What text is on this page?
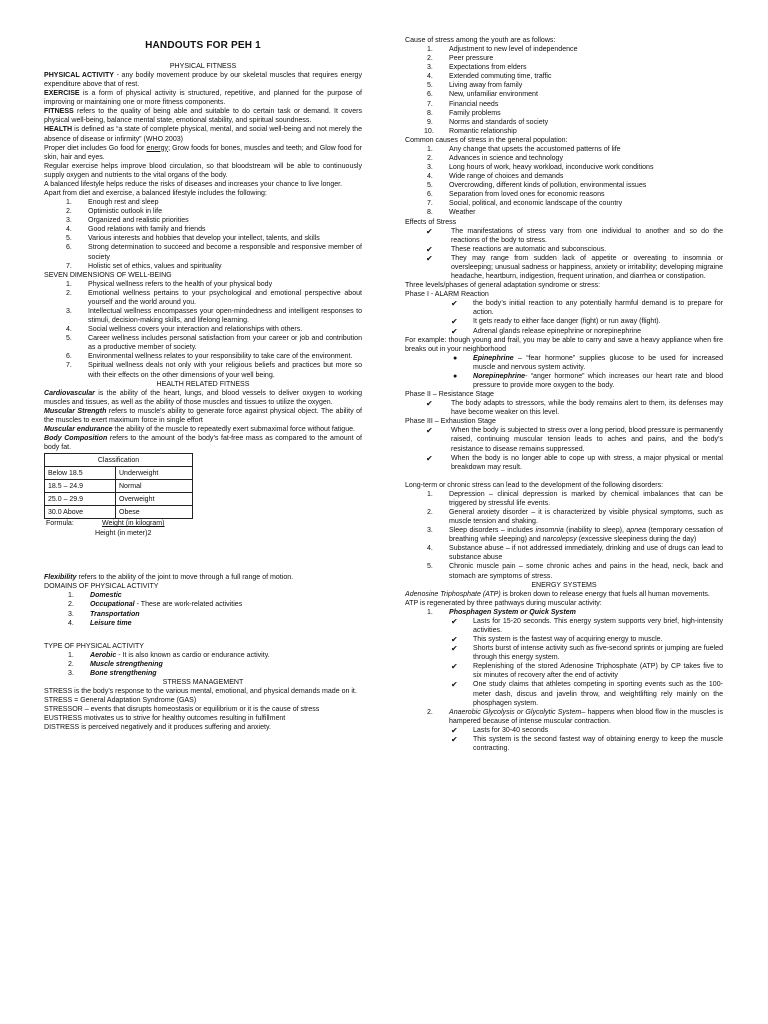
HANDOUTS FOR PEH 1
PHYSICAL FITNESS

PHYSICAL ACTIVITY - any bodily movement produce by our skeletal muscles that requires energy expenditure above that of rest.

EXERCISE is a form of physical activity is structured, repetitive, and planned for the purpose of improving or maintaining one or more fitness components.

FITNESS refers to the quality of being able and suitable to do certain task or demand. It covers physical well-being, balance mental state, emotional stability, and spiritual soundness.

HEALTH is defined as “a state of complete physical, mental, and social well-being and not merely the absence of disease or infirmity” (WHO 2003)

Proper diet includes Go food for energy; Grow foods for bones, muscles and teeth; and Glow food for skin, hair and eyes.

Regular exercise helps improve blood circulation, so that bloodstream will be able to continuously supply oxygen and nutrients to the vital organs of the body.

A balanced lifestyle helps reduce the risks of diseases and increases your chance to live longer.

Apart from diet and exercise, a balanced lifestyle includes the following:

1. Enough rest and sleep
2. Optimistic outlook in life
3. Organized and realistic priorities
4. Good relations with family and friends
5. Various interests and hobbies that develop your intellect, talents, and skills
6. Strong determination to succeed and become a responsible and responsive member of society
7. Holistic set of ethics, values and spirituality
SEVEN DIMENSIONS OF WELL-BEING
1. Physical wellness refers to the health of your physical body
2. Emotional wellness pertains to your psychological and emotional perspective about yourself and the world around you.
3. Intellectual wellness encompasses your open-mindedness and intelligent responses to stimuli, decision-making skills, and lifelong learning.
4. Social wellness covers your interaction and relationships with others.
5. Career wellness includes personal satisfaction from your career or job and contribution as a productive member of society.
6. Environmental wellness relates to your responsibility to take care of the environment.
7. Spiritual wellness deals not only with your religious beliefs and practices but more so with their effects on the other dimensions of your well being.
HEALTH RELATED FITNESS

Cardiovascular is the ability of the heart, lungs, and blood vessels to deliver oxygen to working muscles and tissues, as well as the ability of those muscles and tissues to utilize the oxygen.

Muscular Strength refers to muscle’s ability to generate force against physical object. The ability of the muscles to exert maximum force in single effort

Muscular endurance the ability of the muscle to repeatedly exert submaximal force without fatigue.

Body Composition refers to the amount of the body’s fat-free mass as compared to the amount of body fat.

Classification	
Below 18.5	Underweight
18.5 – 24.9	Normal
25.0 – 29.9	Overweight
30.0 Above	Obese
Formula:	Weight (in kilogram)
Height (in meter)2

Flexibility refers to the ability of the joint to move through a full range of motion.

DOMAINS OF PHYSICAL ACTIVITY
1. Domestic
2. Occupational - These are work-related activities
3. Transportation
4. Leisure time
TYPE OF PHYSICAL ACTIVITY
1. Aerobic - It is also known as cardio or endurance activity.
2. Muscle strengthening
3. Bone strengthening
STRESS MANAGEMENT

STRESS is the body’s response to the various mental, emotional, and physical demands made on it.

STRESS = General Adaptation Syndrome (GAS)

STRESSOR – events that disrupts homeostasis or equilibrium or it is the cause of stress

EUSTRESS motivates us to strive for healthy outcomes resulting in fulfillment

DISTRESS is perceived negatively and it produces suffering and anxiety.

Cause of stress among the youth are as follows:
1. Adjustment to new level of independence
2. Peer pressure
3. Expectations from elders
4. Extended commuting time, traffic
5. Living away from family
6. New, unfamiliar environment
7. Financial needs
8. Family problems
9. Norms and standards of society
10. Romantic relationship
Common causes of stress in the general population:
1. Any change that upsets the accustomed patterns of life
2. Advances in science and technology
3. Long hours of work, heavy workload, inconducive work conditions
4. Wide range of choices and demands
5. Overcrowding, different kinds of pollution, environmental issues
6. Separation from loved ones for economic reasons
7. Social, political, and economic landscape of the country
8. Weather
Effects of Stress
✔	The manifestations of stress vary from one individual to another and so do the reactions of the body to stress.
✔	These reactions are automatic and subconscious.
✔	They may range from sudden lack of appetite or overeating to insomnia or oversleeping; unusual sadness or happiness, anxiety or irritability; developing migraine headache, heartburn, indigestion, frequent urination, and diarrhea or constipation.
Three levels/phases of general adaptation syndrome or stress:
Phase I - ALARM Reaction
✔ the body’s initial reaction to any potentially harmful demand is to prepare for action.
✔ It gets ready to either face danger (fight) or run away (flight).
✔ Adrenal glands release epinephrine or norepinephrine

For example: though young and frail, you may be able to carry and save a heavy appliance when fire breaks out in your neighborhood

● Epinephrine – “fear hormone” supplies glucose to be used for increased muscle and nervous system activity.
● Norepinephrine- “anger hormone” which increases our heart rate and blood pressure to provide more oxygen to the body.
Phase II – Resistance Stage
✔	The body adapts to stressors, while the body remains alert to them, its defenses may have become weaker on this level.
Phase III – Exhaustion Stage
✔	When the body is subjected to stress over a long period, blood pressure is permanently raised, continuing muscular tension leads to aches and pains, and the body’s resistance to disease remains suppressed.
✔	When the body is no longer able to cope up with stress, a major physical or mental breakdown may result.

Long-term or chronic stress can lead to the development of the following disorders:

1. Depression – clinical depression is marked by chemical imbalances that can be triggered by stressful life events.
2. General anxiety disorder – it is characterized by visible physical symptoms, such as muscle tension and shaking.
3. Sleep disorders – includes insomnia (inability to sleep), apnea (temporary cessation of breathing while sleeping) and narcolepsy (excessive sleepiness during the day)
4. Substance abuse – if not addressed immediately, drinking and use of drugs can lead to substance abuse
5. Chronic muscle pain – some chronic aches and pains in the head, neck, back and stomach are symptoms of stress.
ENERGY SYSTEMS

Adenosine Triphosphate (ATP) is broken down to release energy that fuels all human movements.

ATP is regenerated by three pathways during muscular activity:

1. Phosphagen System or Quick System
✔ Lasts for 15-20 seconds. This energy system supports very brief, high-intensity activities.
✔ This system is the fastest way of acquiring energy to muscle.
✔ Shorts burst of intense activity such as five-second sprints or jumping are fueled through this energy system.
✔ Replenishing of the stored Adenosine Triphosphate (ATP) by CP takes five to six minutes of recovery after the end of activity
✔ One study claims that athletes competing in sporting events such as the 100-meter dash, discus and javelin throw, and weightlifting rely mainly on the phosphagen system.
2. Anaerobic Glycolysis or Glycolytic System– happens when blood flow in the muscles is hampered because of intense muscular contraction.
✔ Lasts for 30-40 seconds
✔ This system is the second fastest way of obtaining energy to keep the muscle contracting.
